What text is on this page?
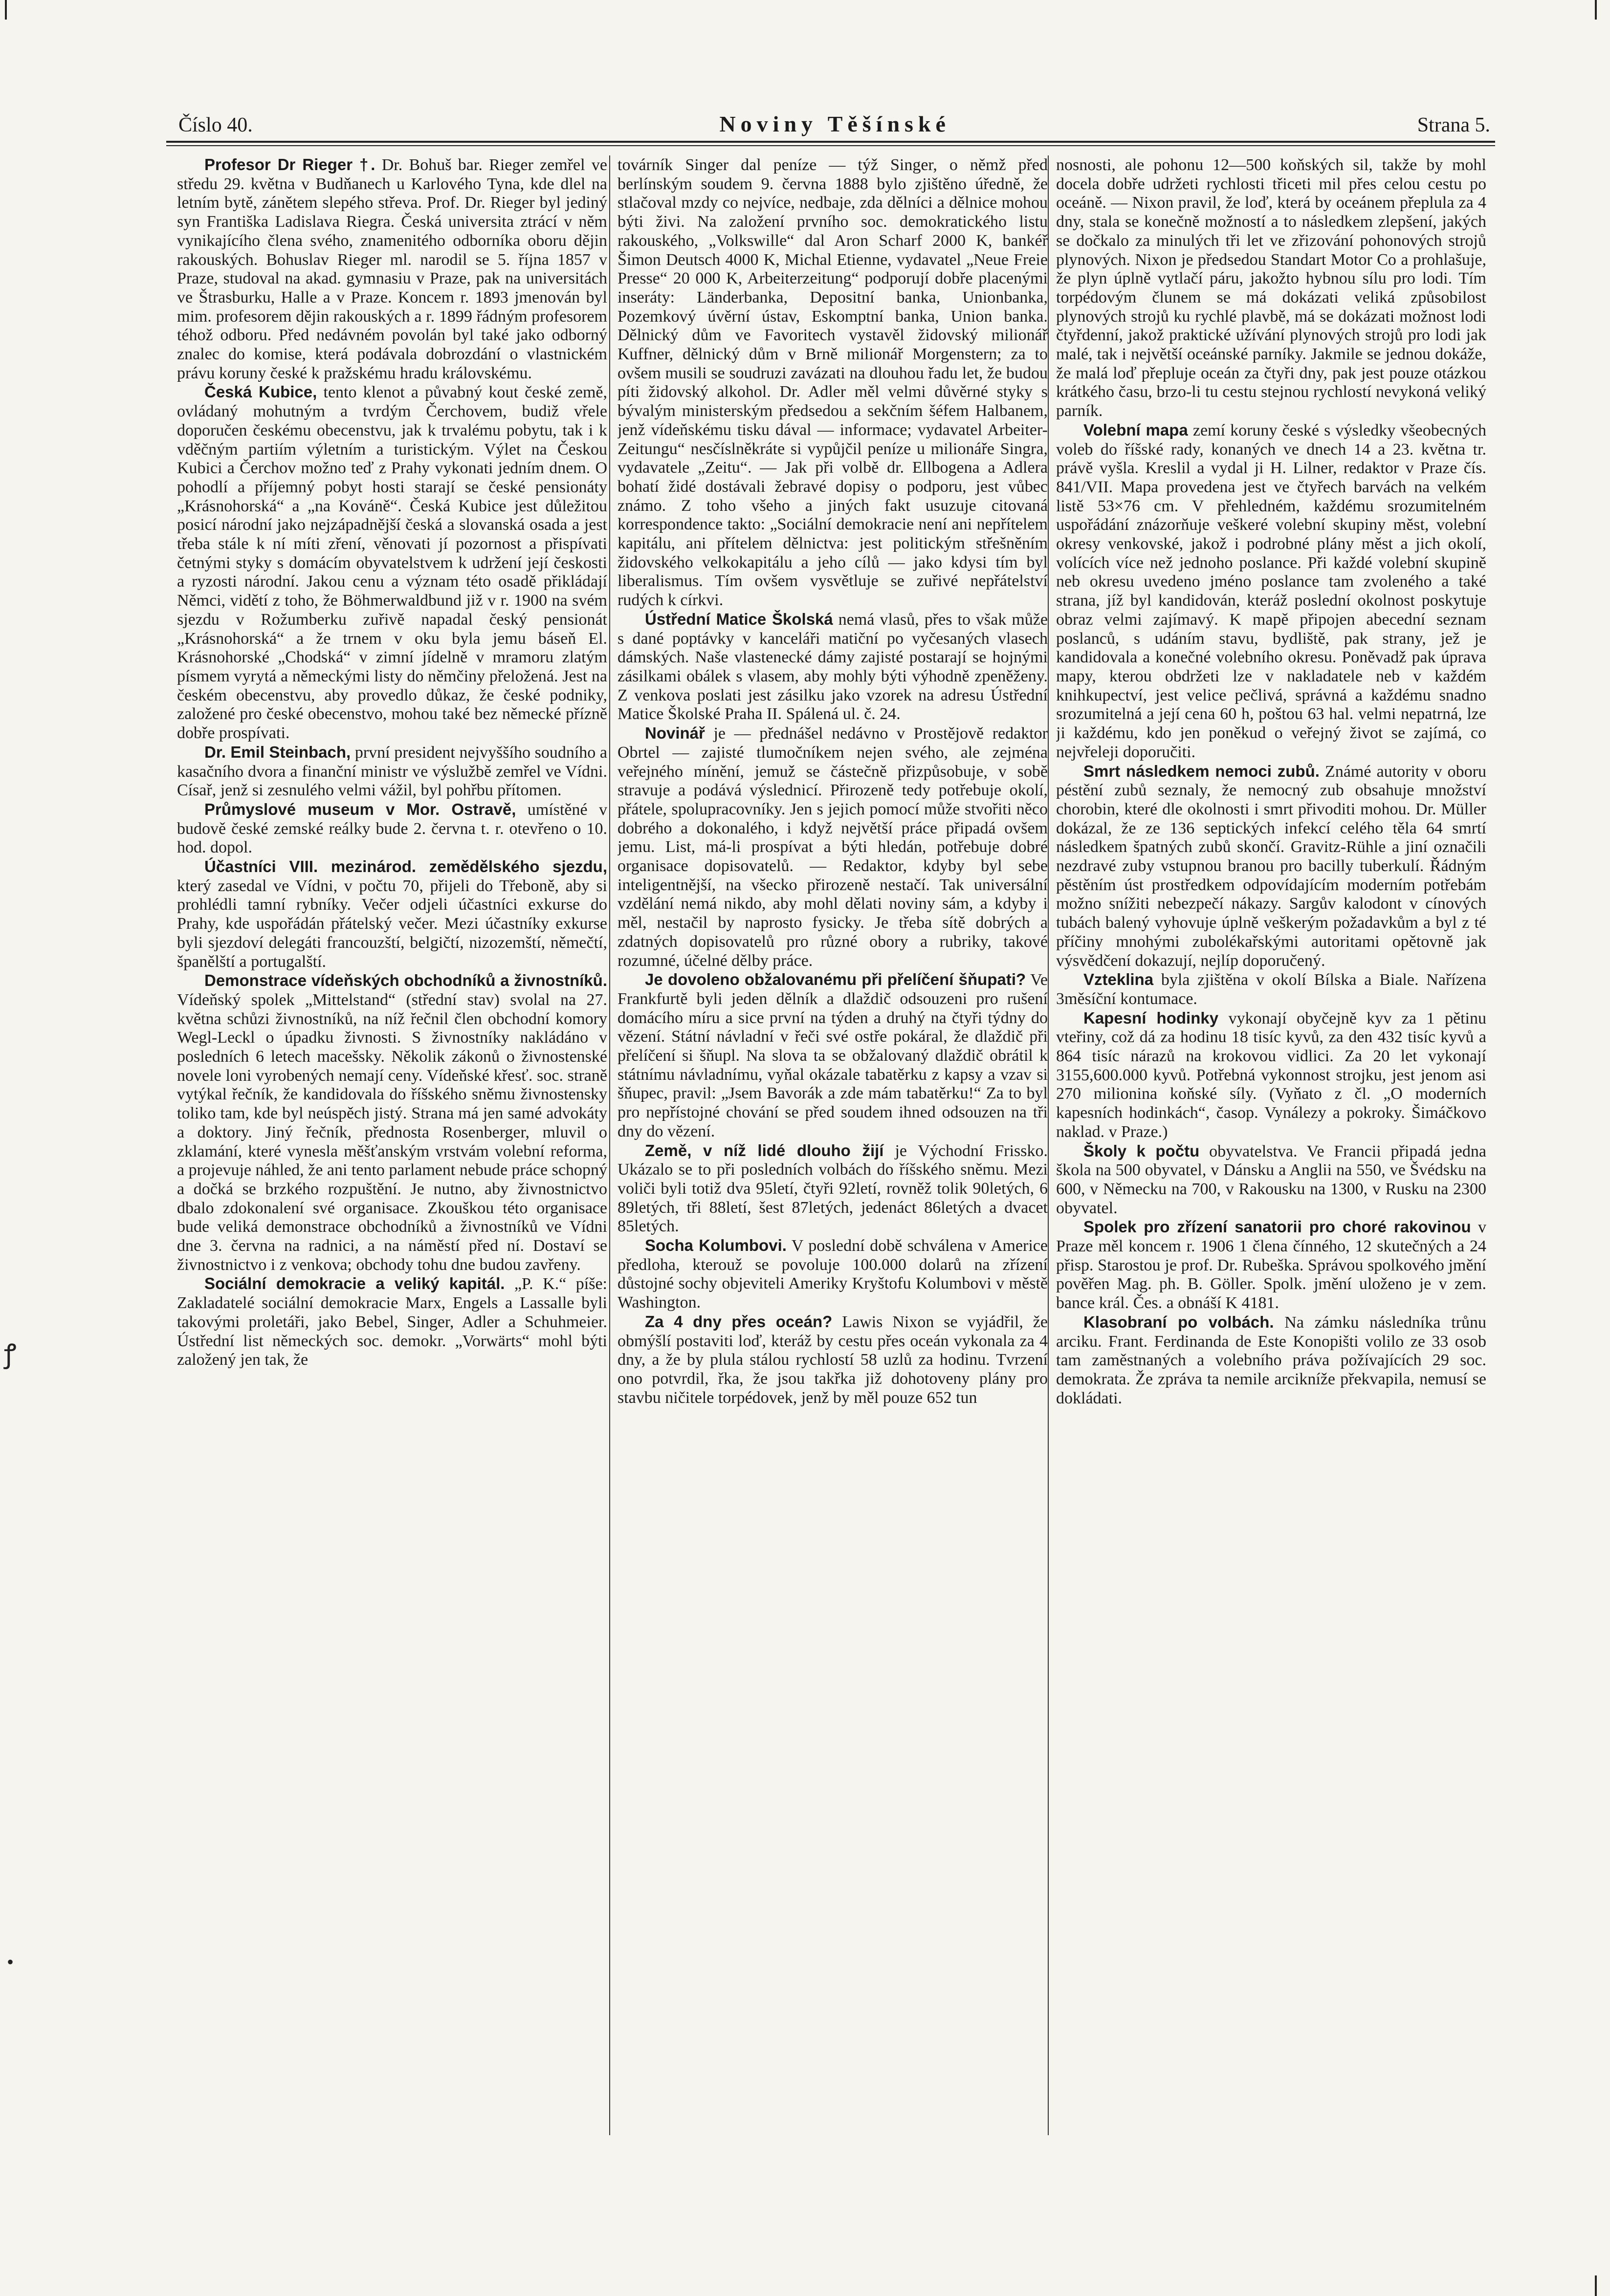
ꝭ
•
Číslo 40.	Noviny Těšínské	Strana 5.

Profesor Dr Rieger †. Dr. Bohuš bar. Rieger zemřel ve středu 29. května v Budňanech u Karlového Tyna, kde dlel na letním bytě, zánětem slepého střeva. Prof. Dr. Rieger byl jediný syn Františka Ladislava Riegra. Česká universita ztrácí v něm vynikajícího člena svého, znamenitého odborníka oboru dějin rakouských. Bohuslav Rieger ml. narodil se 5. října 1857 v Praze, studoval na akad. gymnasiu v Praze, pak na universitách ve Štrasburku, Halle a v Praze. Koncem r. 1893 jmenován byl mim. profesorem dějin rakouských a r. 1899 řádným profesorem téhož odboru. Před nedávném povolán byl také jako odborný znalec do komise, která podávala dobrozdání o vlastnickém právu koruny české k pražskému hradu královskému.

Česká Kubice, tento klenot a půvabný kout české země, ovládaný mohutným a tvrdým Čerchovem, budiž vřele doporučen českému obecenstvu, jak k trvalému pobytu, tak i k vděčným partiím výletním a turistickým. Výlet na Českou Kubici a Čerchov možno teď z Prahy vykonati jedním dnem. O pohodlí a příjemný pobyt hosti starají se české pensionáty „Krásnohorská“ a „na Kováně“. Česká Kubice jest důležitou posicí národní jako nejzápadnější česká a slovanská osada a jest třeba stále k ní míti zření, věnovati jí pozornost a přispívati četnými styky s domácím obyvatelstvem k udržení její českosti a ryzosti národní. Jakou cenu a význam této osadě přikládají Němci, vidětí z toho, že Böhmerwaldbund již v r. 1900 na svém sjezdu v Rožumberku zuřivě napadal český pensionát „Krásnohorská“ a že trnem v oku byla jemu báseň El. Krásnohorské „Chodská“ v zimní jídelně v mramoru zlatým písmem vyrytá a německými listy do němčiny přeložená. Jest na českém obecenstvu, aby provedlo důkaz, že české podniky, založené pro české obecenstvo, mohou také bez německé přízně dobře prospívati.

Dr. Emil Steinbach, první president nejvyššího soudního a kasačního dvora a finanční ministr ve výslužbě zemřel ve Vídni. Císař, jenž si zesnulého velmi vážil, byl pohřbu přítomen.

Průmyslové museum v Mor. Ostravě, umístěné v budově české zemské reálky bude 2. června t. r. otevřeno o 10. hod. dopol.

Účastníci VIII. mezinárod. zemědělského sjezdu, který zasedal ve Vídni, v počtu 70, přijeli do Třeboně, aby si prohlédli tamní rybníky. Večer odjeli účastníci exkurse do Prahy, kde uspořádán přátelský večer. Mezi účastníky exkurse byli sjezdoví delegáti francouzští, belgičtí, nizozemští, němečtí, španělští a portugalští.

Demonstrace vídeňských obchodníků a živnostníků. Vídeňský spolek „Mittelstand“ (střední stav) svolal na 27. května schůzi živnostníků, na níž řečnil člen obchodní komory Wegl-Leckl o úpadku živnosti. S živnostníky nakládáno v posledních 6 letech macešsky. Několik zákonů o živnostenské novele loni vyrobených nemají ceny. Vídeňské křesť. soc. straně vytýkal řečník, že kandidovala do říšského sněmu živnostensky toliko tam, kde byl neúspěch jistý. Strana má jen samé advokáty a doktory. Jiný řečník, přednosta Rosenberger, mluvil o zklamání, které vynesla měšťanským vrstvám volební reforma, a projevuje náhled, že ani tento parlament nebude práce schopný a dočká se brzkého rozpuštění. Je nutno, aby živnostnictvo dbalo zdokonalení své organisace. Zkouškou této organisace bude veliká demonstrace obchodníků a živnostníků ve Vídni dne 3. června na radnici, a na náměstí před ní. Dostaví se živnostnictvo i z venkova; obchody tohu dne budou zavřeny.

Sociální demokracie a veliký kapitál. „P. K.“ píše: Zakladatelé sociální demokracie Marx, Engels a Lassalle byli takovými proletáři, jako Bebel, Singer, Adler a Schuhmeier. Ústřední list německých soc. demokr. „Vorwärts“ mohl býti založený jen tak, že

továrník Singer dal peníze — týž Singer, o němž před berlínským soudem 9. června 1888 bylo zjištěno úředně, že stlačoval mzdy co nejvíce, nedbaje, zda dělníci a dělnice mohou býti živi. Na založení prvního soc. demokratického listu rakouského, „Volkswille“ dal Aron Scharf 2000 K, bankéř Šimon Deutsch 4000 K, Michal Etienne, vydavatel „Neue Freie Presse“ 20 000 K, Arbeiterzeitung“ podporují dobře placenými inseráty: Länderbanka, Depositní banka, Unionbanka, Pozemkový úvěrní ústav, Eskomptní banka, Union banka. Dělnický dům ve Favoritech vystavěl židovský milionář Kuffner, dělnický dům v Brně milionář Morgenstern; za to ovšem musili se soudruzi zavázati na dlouhou řadu let, že budou píti židovský alkohol. Dr. Adler měl velmi důvěrné styky s bývalým ministerským předsedou a sekčním šéfem Halbanem, jenž vídeňskému tisku dával — informace; vydavatel Arbeiter-Zeitungu“ nesčíslněkráte si vypůjčil peníze u milionáře Singra, vydavatele „Zeitu“. — Jak při volbě dr. Ellbogena a Adlera bohatí židé dostávali žebravé dopisy o podporu, jest vůbec známo. Z toho všeho a jiných fakt usuzuje citovaná korrespondence takto: „Sociální demokracie není ani nepřítelem kapitálu, ani přítelem dělnictva: jest politickým střešněním židovského velkokapitálu a jeho cílů — jako kdysi tím byl liberalismus. Tím ovšem vysvětluje se zuřivé nepřátelství rudých k církvi.

Ústřední Matice Školská nemá vlasů, přes to však může s dané poptávky v kanceláři matiční po vyčesaných vlasech dámských. Naše vlastenecké dámy zajisté postarají se hojnými zásilkami obálek s vlasem, aby mohly býti výhodně zpeněženy. Z venkova poslati jest zásilku jako vzorek na adresu Ústřední Matice Školské Praha II. Spálená ul. č. 24.

Novinář je — přednášel nedávno v Prostějově redaktor Obrtel — zajisté tlumočníkem nejen svého, ale zejména veřejného mínění, jemuž se částečně přizpůsobuje, v sobě stravuje a podává výslednicí. Přirozeně tedy potřebuje okolí, přátele, spolupracovníky. Jen s jejich pomocí může stvořiti něco dobrého a dokonalého, i když největší práce připadá ovšem jemu. List, má-li prospívat a býti hledán, potřebuje dobré organisace dopisovatelů. — Redaktor, kdyby byl sebe inteligentnější, na všecko přirozeně nestačí. Tak universální vzdělání nemá nikdo, aby mohl dělati noviny sám, a kdyby i měl, nestačil by naprosto fysicky. Je třeba sítě dobrých a zdatných dopisovatelů pro různé obory a rubriky, takové rozumné, účelné dělby práce.

Je dovoleno obžalovanému při přelíčení šňupati? Ve Frankfurtě byli jeden dělník a dlaždič odsouzeni pro rušení domácího míru a sice první na týden a druhý na čtyři týdny do vězení. Státní návladní v řeči své ostře pokáral, že dlaždič při přelíčení si šňupl. Na slova ta se obžalovaný dlaždič obrátil k státnímu návladnímu, vyňal okázale tabatěrku z kapsy a vzav si šňupec, pravil: „Jsem Bavorák a zde mám tabatěrku!“ Za to byl pro nepřístojné chování se před soudem ihned odsouzen na tři dny do vězení.

Země, v níž lidé dlouho žijí je Východní Frissko. Ukázalo se to při posledních volbách do říšského sněmu. Mezi voliči byli totiž dva 95letí, čtyři 92letí, rovněž tolik 90letých, 6 89letých, tři 88letí, šest 87letých, jedenáct 86letých a dvacet 85letých.

Socha Kolumbovi. V poslední době schválena v Americe předloha, kterouž se povoluje 100.000 dolarů na zřízení důstojné sochy objeviteli Ameriky Kryštofu Kolumbovi v městě Washington.

Za 4 dny přes oceán? Lawis Nixon se vyjádřil, že obmýšlí postaviti loď, kteráž by cestu přes oceán vykonala za 4 dny, a že by plula stálou rychlostí 58 uzlů za hodinu. Tvrzení ono potvrdil, řka, že jsou takřka již dohotoveny plány pro stavbu ničitele torpédovek, jenž by měl pouze 652 tun

nosnosti, ale pohonu 12—500 koňských sil, takže by mohl docela dobře udržeti rychlosti třiceti mil přes celou cestu po oceáně. — Nixon pravil, že loď, která by oceánem přeplula za 4 dny, stala se konečně možností a to následkem zlepšení, jakých se dočkalo za minulých tři let ve zřizování pohonových strojů plynových. Nixon je předsedou Standart Motor Co a prohlašuje, že plyn úplně vytlačí páru, jakožto hybnou sílu pro lodi. Tím torpédovým člunem se má dokázati veliká způsobilost plynových strojů ku rychlé plavbě, má se dokázati možnost lodi čtyřdenní, jakož praktické užívání plynových strojů pro lodi jak malé, tak i největší oceánské parníky. Jakmile se jednou dokáže, že malá loď přepluje oceán za čtyři dny, pak jest pouze otázkou krátkého času, brzo-li tu cestu stejnou rychlostí nevykoná veliký parník.

Volební mapa zemí koruny české s výsledky všeobecných voleb do říšské rady, konaných ve dnech 14 a 23. května tr. právě vyšla. Kreslil a vydal ji H. Lilner, redaktor v Praze čís. 841/VII. Mapa provedena jest ve čtyřech barvách na velkém listě 53×76 cm. V přehledném, každému srozumitelném uspořádání znázorňuje veškeré volební skupiny měst, volební okresy venkovské, jakož i podrobné plány měst a jich okolí, volících více než jednoho poslance. Při každé volební skupině neb okresu uvedeno jméno poslance tam zvoleného a také strana, jíž byl kandidován, kteráž poslední okolnost poskytuje obraz velmi zajímavý. K mapě připojen abecední seznam poslanců, s udáním stavu, bydliště, pak strany, jež je kandidovala a konečné volebního okresu. Poněvadž pak úprava mapy, kterou obdržeti lze v nakladatele neb v každém knihkupectví, jest velice pečlivá, správná a každému snadno srozumitelná a její cena 60 h, poštou 63 hal. velmi nepatrná, lze ji každému, kdo jen poněkud o veřejný život se zajímá, co nejvřeleji doporučiti.

Smrt následkem nemoci zubů. Známé autority v oboru péstění zubů seznaly, že nemocný zub obsahuje množství chorobin, které dle okolnosti i smrt přivoditi mohou. Dr. Müller dokázal, že ze 136 septických infekcí celého těla 64 smrtí následkem špatných zubů skončí. Gravitz-Rühle a jiní označili nezdravé zuby vstupnou branou pro bacilly tuberkulí. Řádným pěstěním úst prostředkem odpovídajícím moderním potřebám možno snížiti nebezpečí nákazy. Sargův kalodont v cínových tubách balený vyhovuje úplně veškerým požadavkům a byl z té příčiny mnohými zubolékařskými autoritami opětovně jak výsvědčení dokazují, nejlíp doporučený.

Vzteklina byla zjištěna v okolí Bílska a Biale. Nařízena 3měsíční kontumace.

Kapesní hodinky vykonají obyčejně kyv za 1 pětinu vteřiny, což dá za hodinu 18 tisíc kyvů, za den 432 tisíc kyvů a 864 tisíc nárazů na krokovou vidlici. Za 20 let vykonají 3155,600.000 kyvů. Potřebná vykonnost strojku, jest jenom asi 270 milionina koňské síly. (Vyňato z čl. „O moderních kapesních hodinkách“, časop. Vynálezy a pokroky. Šimáčkovo naklad. v Praze.)

Školy k počtu obyvatelstva. Ve Francii připadá jedna škola na 500 obyvatel, v Dánsku a Anglii na 550, ve Švédsku na 600, v Německu na 700, v Rakousku na 1300, v Rusku na 2300 obyvatel.

Spolek pro zřízení sanatorii pro choré rakovinou v Praze měl koncem r. 1906 1 člena čínného, 12 skutečných a 24 přisp. Starostou je prof. Dr. Rubeška. Správou spolkového jmění pověřen Mag. ph. B. Göller. Spolk. jmění uloženo je v zem. bance král. Čes. a obnáší K 4181.

Klasobraní po volbách. Na zámku následníka trůnu arciku. Frant. Ferdinanda de Este Konopišti volilo ze 33 osob tam zaměstnaných a volebního práva požívajících 29 soc. demokrata. Že zpráva ta nemile arcikníže překvapila, nemusí se dokládati.
